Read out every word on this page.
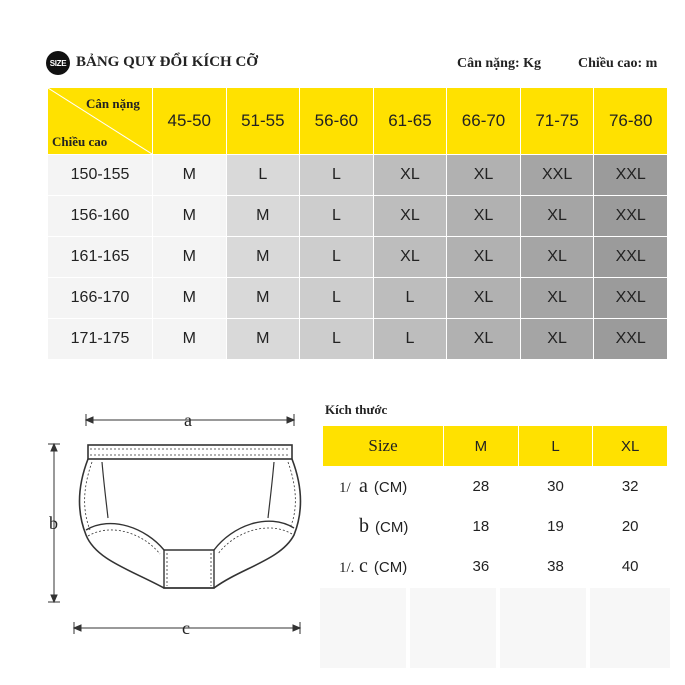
SIZE BẢNG QUY ĐỔI KÍCH CỠ	Cân nặng: Kg	Chiều cao: m
Cân nặng
Chiều cao	45-50	51-55	56-60	61-65	66-70	71-75	76-80
150-155	M	L	L	XL	XL	XXL	XXL
156-160	M	M	L	XL	XL	XL	XXL
161-165	M	M	L	XL	XL	XL	XXL
166-170	M	M	L	L	XL	XL	XXL
171-175	M	M	L	L	XL	XL	XXL
a
b
c
Kích thước
Size	M	L	XL
1/ a (CM)	28	30	32
b (CM)	18	19	20
1/. c (CM)	36	38	40
